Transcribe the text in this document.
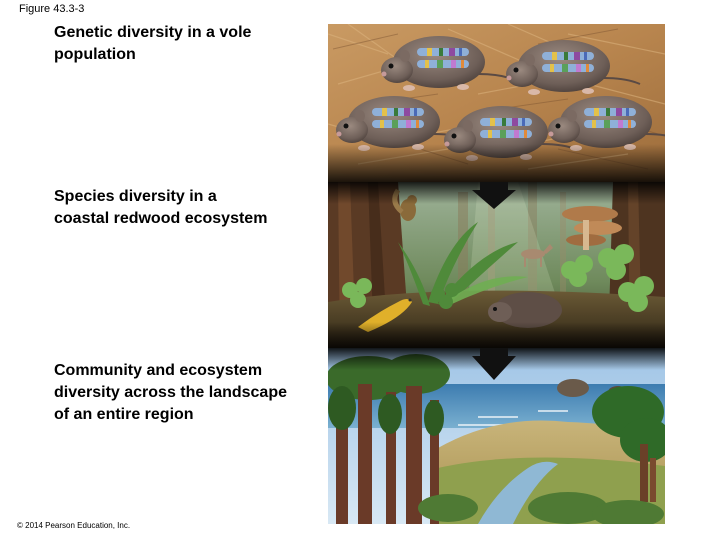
Figure 43.3-3
Genetic diversity in a vole
population
Species diversity in a
coastal redwood ecosystem
Community and ecosystem
diversity across the landscape
of an entire region
© 2014 Pearson Education, Inc.
